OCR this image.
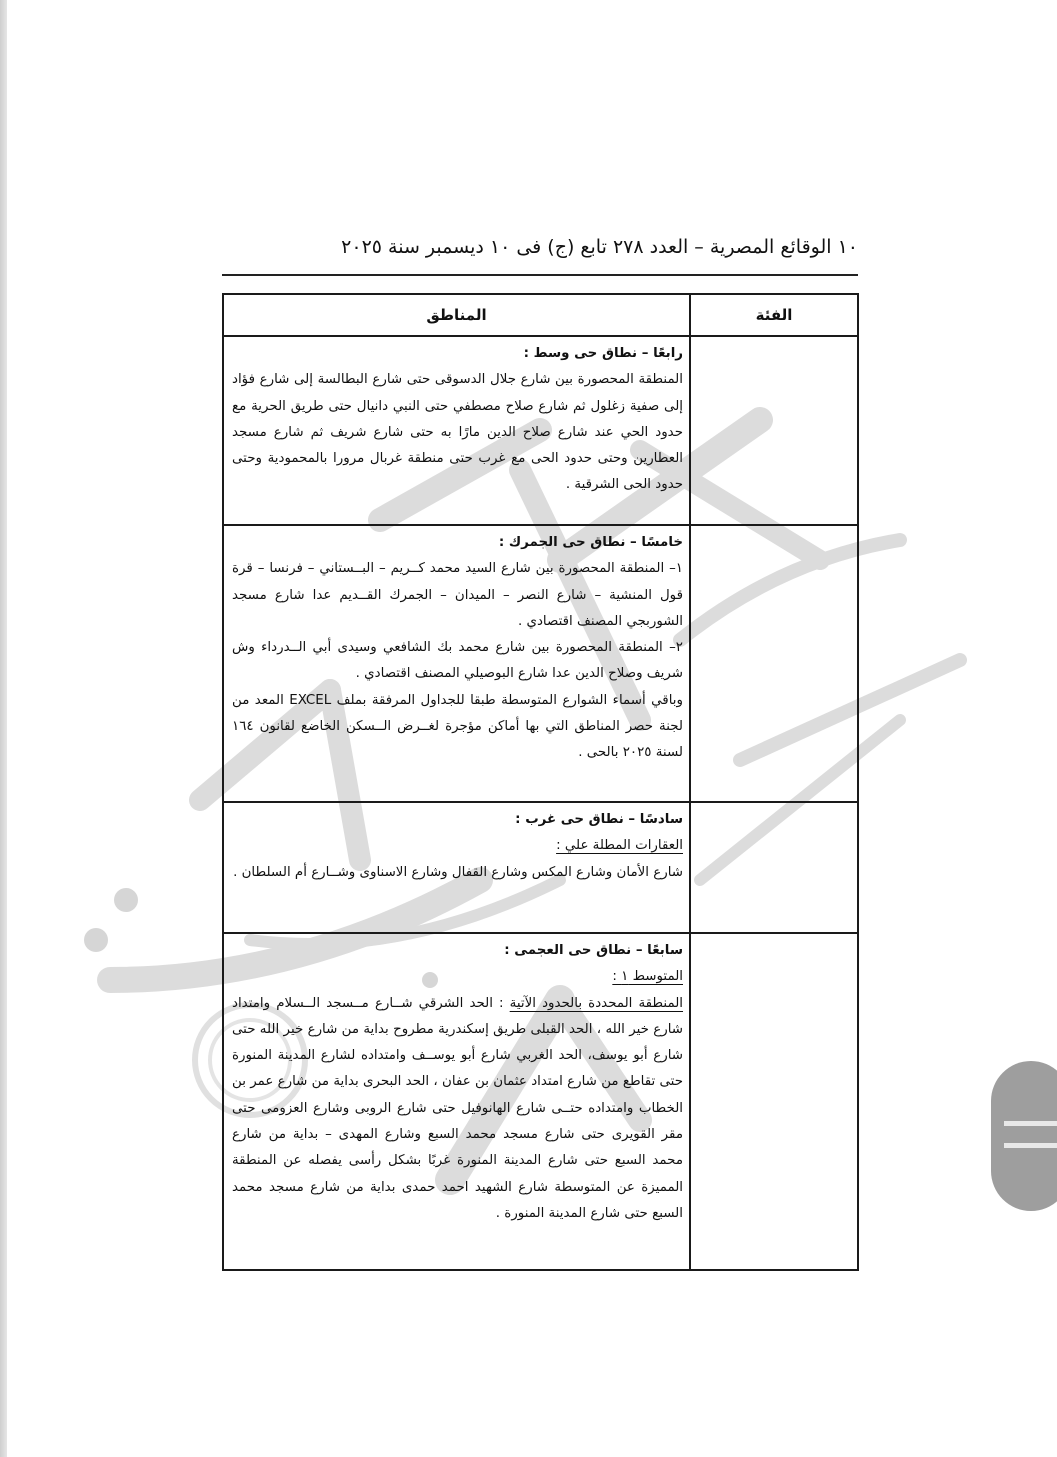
١٠ الوقائع المصرية – العدد ٢٧٨ تابع (ج) فى ١٠ ديسمبر سنة ٢٠٢٥
الفئة	المناطق

	رابعًا – نطاق حى وسط :
المنطقة المحصورة بين شارع جلال الدسوقى حتى شارع البطالسة إلى شارع فؤاد إلى صفية زغلول ثم شارع صلاح مصطفي حتى النبي دانيال حتى طريق الحرية مع حدود الحي عند شارع صلاح الدين مارًا به حتى شارع شريف ثم شارع مسجد العطارين وحتى حدود الحى مع غرب حتى منطقة غربال مرورا بالمحمودية وحتى حدود الحى الشرقية .

	خامسًا – نطاق حى الجمرك :
١– المنطقة المحصورة بين شارع السيد محمد كــريم – البــستاني – فرنسا – قرة قول المنشية – شارع النصر – الميدان – الجمرك القــديم عدا شارع مسجد الشوربجي المصنف اقتصادي .
٢– المنطقة المحصورة بين شارع محمد بك الشافعي وسيدى أبي الــدرداء وش شريف وصلاح الدين عدا شارع البوصيلي المصنف اقتصادي .
وباقي أسماء الشوارع المتوسطة طبقا للجداول المرفقة بملف EXCEL المعد من لجنة حصر المناطق التي بها أماكن مؤجرة لغــرض الــسكن الخاضع لقانون ١٦٤ لسنة ٢٠٢٥ بالحى .

	سادسًا – نطاق حى غرب :
العقارات المطلة علي :
شارع الأمان وشارع المكس وشارع القفال وشارع الاسناوى وشــارع أم السلطان .

	سابعًا – نطاق حى العجمى :
المتوسط ١ :
المنطقة المحددة بالحدود الآتية : الحد الشرقي شــارع مــسجد الــسلام وامتداد شارع خير الله ، الحد القبلى طريق إسكندرية مطروح بداية من شارع خير الله حتى شارع أبو يوسف، الحد الغربي شارع أبو يوســف وامتداده لشارع المدينة المنورة حتى تقاطع من شارع امتداد عثمان بن عفان ، الحد البحرى بداية من شارع عمر بن الخطاب وامتداده حتــى شارع الهانوفيل حتى شارع الروبى وشارع العزومى حتى مقر القويرى حتى شارع مسجد محمد السبع وشارع المهدى – بداية من شارع محمد السبع حتى شارع المدينة المنورة غربًا بشكل رأسى يفصله عن المنطقة المميزة عن المتوسطة شارع الشهيد احمد حمدى بداية من شارع مسجد محمد السبع حتى شارع المدينة المنورة .
